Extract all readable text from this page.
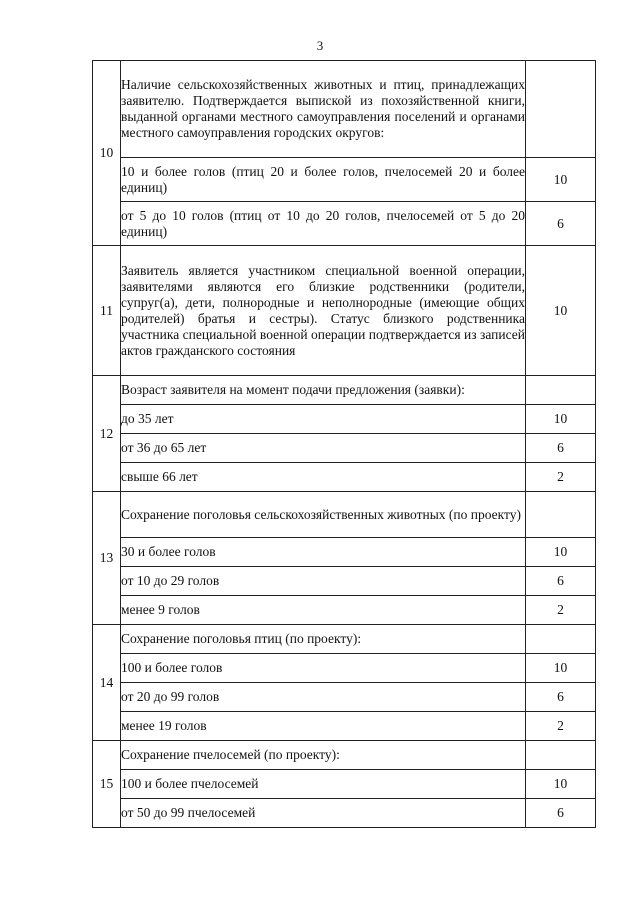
3
10	Наличие сельскохозяйственных животных и птиц, принадлежащих заявителю. Подтверждается выпиской из похозяйственной книги, выданной органами местного самоуправления поселений и органами местного самоуправления городских округов:	
	10 и более голов (птиц 20 и более голов, пчелосемей 20 и более единиц)	10
	от 5 до 10 голов (птиц от 10 до 20 голов, пчелосемей от 5 до 20 единиц)	6
11	Заявитель является участником специальной военной операции, заявителями являются его близкие родственники (родители, супруг(а), дети, полнородные и неполнородные (имеющие общих родителей) братья и сестры). Статус близкого родственника участника специальной военной операции подтверждается из записей актов гражданского состояния	10
12	Возраст заявителя на момент подачи предложения (заявки):	
	до 35 лет	10
	от 36 до 65 лет	6
	свыше 66 лет	2
13	Сохранение поголовья сельскохозяйственных животных (по проекту)	
	30 и более голов	10
	от 10 до 29 голов	6
	менее 9 голов	2
14	Сохранение поголовья птиц (по проекту):	
	100 и более голов	10
	от 20 до 99 голов	6
	менее 19 голов	2
15	Сохранение пчелосемей (по проекту):	
	100 и более пчелосемей	10
	от 50 до 99 пчелосемей	6
